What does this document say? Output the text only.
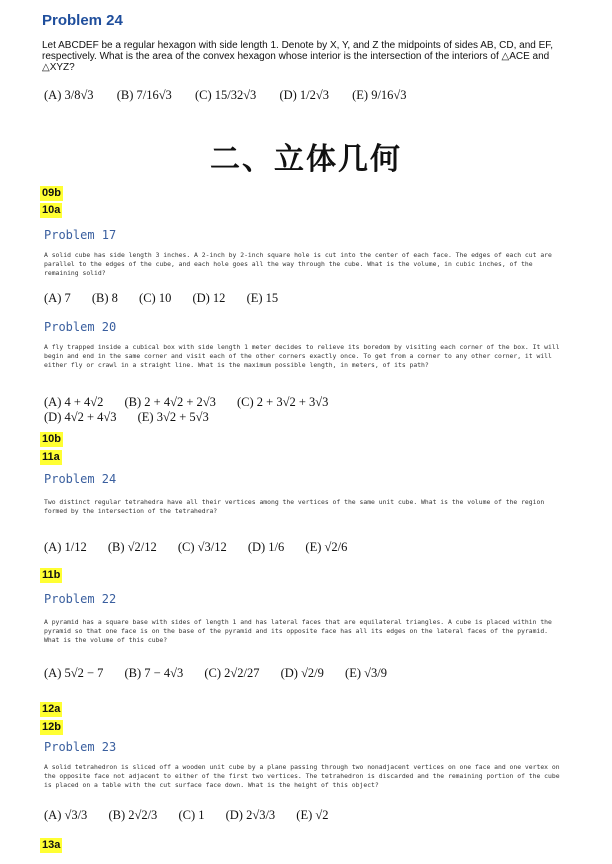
Problem 24
Let ABCDEF be a regular hexagon with side length 1. Denote by X, Y, and Z the midpoints of sides AB, CD, and EF, respectively. What is the area of the convex hexagon whose interior is the intersection of the interiors of △ACE and △XYZ?
(A) 3/8√3 (B) 7/16√3 (C) 15/32√3 (D) 1/2√3 (E) 9/16√3
二、立体几何
09b
10a
Problem 17
A solid cube has side length 3 inches. A 2-inch by 2-inch square hole is cut into the center of each face. The edges of each cut are parallel to the edges of the cube, and each hole goes all the way through the cube. What is the volume, in cubic inches, of the remaining solid?
(A) 7 (B) 8 (C) 10 (D) 12 (E) 15
Problem 20
A fly trapped inside a cubical box with side length 1 meter decides to relieve its boredom by visiting each corner of the box. It will begin and end in the same corner and visit each of the other corners exactly once. To get from a corner to any other corner, it will either fly or crawl in a straight line. What is the maximum possible length, in meters, of its path?
(A) 4 + 4√2 (B) 2 + 4√2 + 2√3 (C) 2 + 3√2 + 3√3
(D) 4√2 + 4√3 (E) 3√2 + 5√3
10b
11a
Problem 24
Two distinct regular tetrahedra have all their vertices among the vertices of the same unit cube. What is the volume of the region formed by the intersection of the tetrahedra?
(A) 1/12 (B) √2/12 (C) √3/12 (D) 1/6 (E) √2/6
11b
Problem 22
A pyramid has a square base with sides of length 1 and has lateral faces that are equilateral triangles. A cube is placed within the pyramid so that one face is on the base of the pyramid and its opposite face has all its edges on the lateral faces of the pyramid. What is the volume of this cube?
(A) 5√2 − 7 (B) 7 − 4√3 (C) 2√2/27 (D) √2/9 (E) √3/9
12a
12b
Problem 23
A solid tetrahedron is sliced off a wooden unit cube by a plane passing through two nonadjacent vertices on one face and one vertex on the opposite face not adjacent to either of the first two vertices. The tetrahedron is discarded and the remaining portion of the cube is placed on a table with the cut surface face down. What is the height of this object?
(A) √3/3 (B) 2√2/3 (C) 1 (D) 2√3/3 (E) √2
13a
